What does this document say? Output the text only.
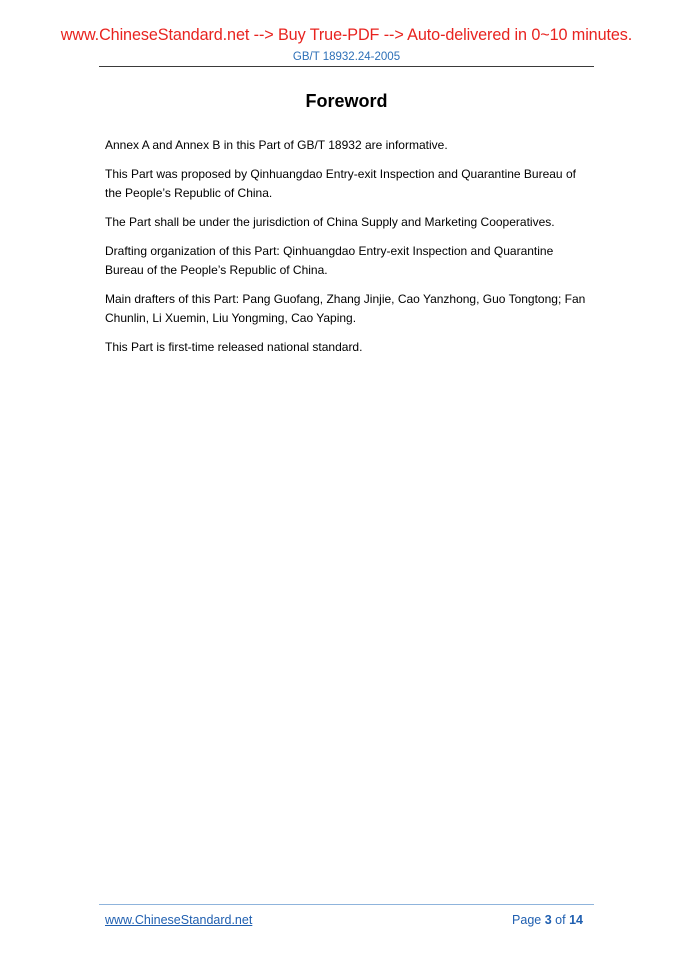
www.ChineseStandard.net --> Buy True-PDF --> Auto-delivered in 0~10 minutes.
GB/T 18932.24-2005
Foreword

Annex A and Annex B in this Part of GB/T 18932 are informative.

This Part was proposed by Qinhuangdao Entry-exit Inspection and Quarantine Bureau of the People’s Republic of China.

The Part shall be under the jurisdiction of China Supply and Marketing Cooperatives.

Drafting organization of this Part: Qinhuangdao Entry-exit Inspection and Quarantine Bureau of the People’s Republic of China.

Main drafters of this Part: Pang Guofang, Zhang Jinjie, Cao Yanzhong, Guo Tongtong; Fan Chunlin, Li Xuemin, Liu Yongming, Cao Yaping.

This Part is first-time released national standard.

www.ChineseStandard.net	Page 3 of 14
